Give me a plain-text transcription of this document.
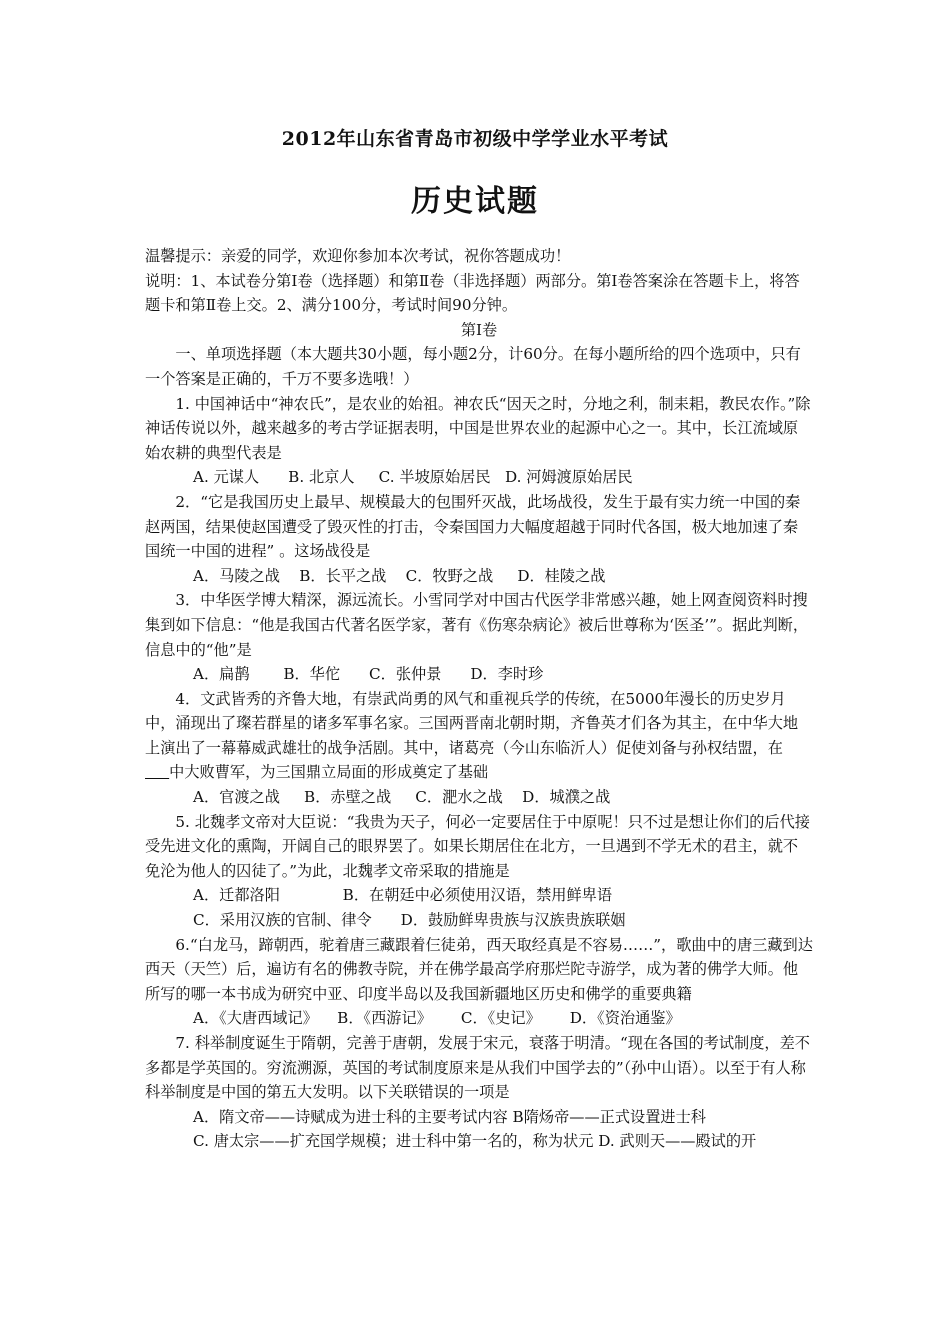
2012年山东省青岛市初级中学学业水平考试
历史试题

温馨提示：亲爱的同学，欢迎你参加本次考试，祝你答题成功！

说明：1、本试卷分第Ⅰ卷（选择题）和第Ⅱ卷（非选择题）两部分。第Ⅰ卷答案涂在答题卡上，将答题卡和第Ⅱ卷上交。2、满分100分，考试时间90分钟。

第Ⅰ卷

一、单项选择题（本大题共30小题，每小题2分，计60分。在每小题所给的四个选项中，只有一个答案是正确的，千万不要多选哦！）

1. 中国神话中“神农氏”，是农业的始祖。神农氏“因天之时，分地之利，制耒耜，教民农作。”除神话传说以外，越来越多的考古学证据表明，中国是世界农业的起源中心之一。其中，长江流域原始农耕的典型代表是

A. 元谋人      B. 北京人     C. 半坡原始居民   D. 河姆渡原始居民

2．“它是我国历史上最早、规模最大的包围歼灭战，此场战役，发生于最有实力统一中国的秦赵两国，结果使赵国遭受了毁灭性的打击，令秦国国力大幅度超越于同时代各国，极大地加速了秦国统一中国的进程” 。这场战役是

A．马陵之战    B．长平之战    C．牧野之战     D．桂陵之战

3．中华医学博大精深，源远流长。小雪同学对中国古代医学非常感兴趣，她上网查阅资料时搜集到如下信息：“他是我国古代著名医学家，著有《伤寒杂病论》被后世尊称为‘医圣’”。据此判断，信息中的“他”是

A．扁鹊       B．华佗      C．张仲景      D．李时珍

4．文武皆秀的齐鲁大地，有崇武尚勇的风气和重视兵学的传统，在5000年漫长的历史岁月中，涌现出了璨若群星的诸多军事名家。三国两晋南北朝时期，齐鲁英才们各为其主，在中华大地上演出了一幕幕威武雄壮的战争活剧。其中，诸葛亮（今山东临沂人）促使刘备与孙权结盟，在     中大败曹军，为三国鼎立局面的形成奠定了基础

A．官渡之战     B．赤壁之战     C．淝水之战    D．城濮之战

5. 北魏孝文帝对大臣说：“我贵为天子，何必一定要居住于中原呢！只不过是想让你们的后代接受先进文化的熏陶，开阔自己的眼界罢了。如果长期居住在北方，一旦遇到不学无术的君主，就不免沦为他人的囚徒了。”为此，北魏孝文帝采取的措施是

A．迁都洛阳             B．在朝廷中必须使用汉语，禁用鲜卑语

C．采用汉族的官制、律令      D．鼓励鲜卑贵族与汉族贵族联姻

6.“白龙马，蹄朝西，驼着唐三藏跟着仨徒弟，西天取经真是不容易……”，歌曲中的唐三藏到达西天（天竺）后，遍访有名的佛教寺院，并在佛学最高学府那烂陀寺游学，成为著的佛学大师。他所写的哪一本书成为研究中亚、印度半岛以及我国新疆地区历史和佛学的重要典籍

A．《大唐西域记》    B．《西游记》      C．《史记》      D．《资治通鉴》

7. 科举制度诞生于隋朝，完善于唐朝，发展于宋元，衰落于明清。“现在各国的考试制度，差不多都是学英国的。穷流溯源，英国的考试制度原来是从我们中国学去的”（孙中山语）。以至于有人称科举制度是中国的第五大发明。以下关联错误的一项是

A．隋文帝——诗赋成为进士科的主要考试内容 B隋炀帝——正式设置进士科

C. 唐太宗——扩充国学规模；进士科中第一名的，称为状元 D. 武则天——殿试的开
